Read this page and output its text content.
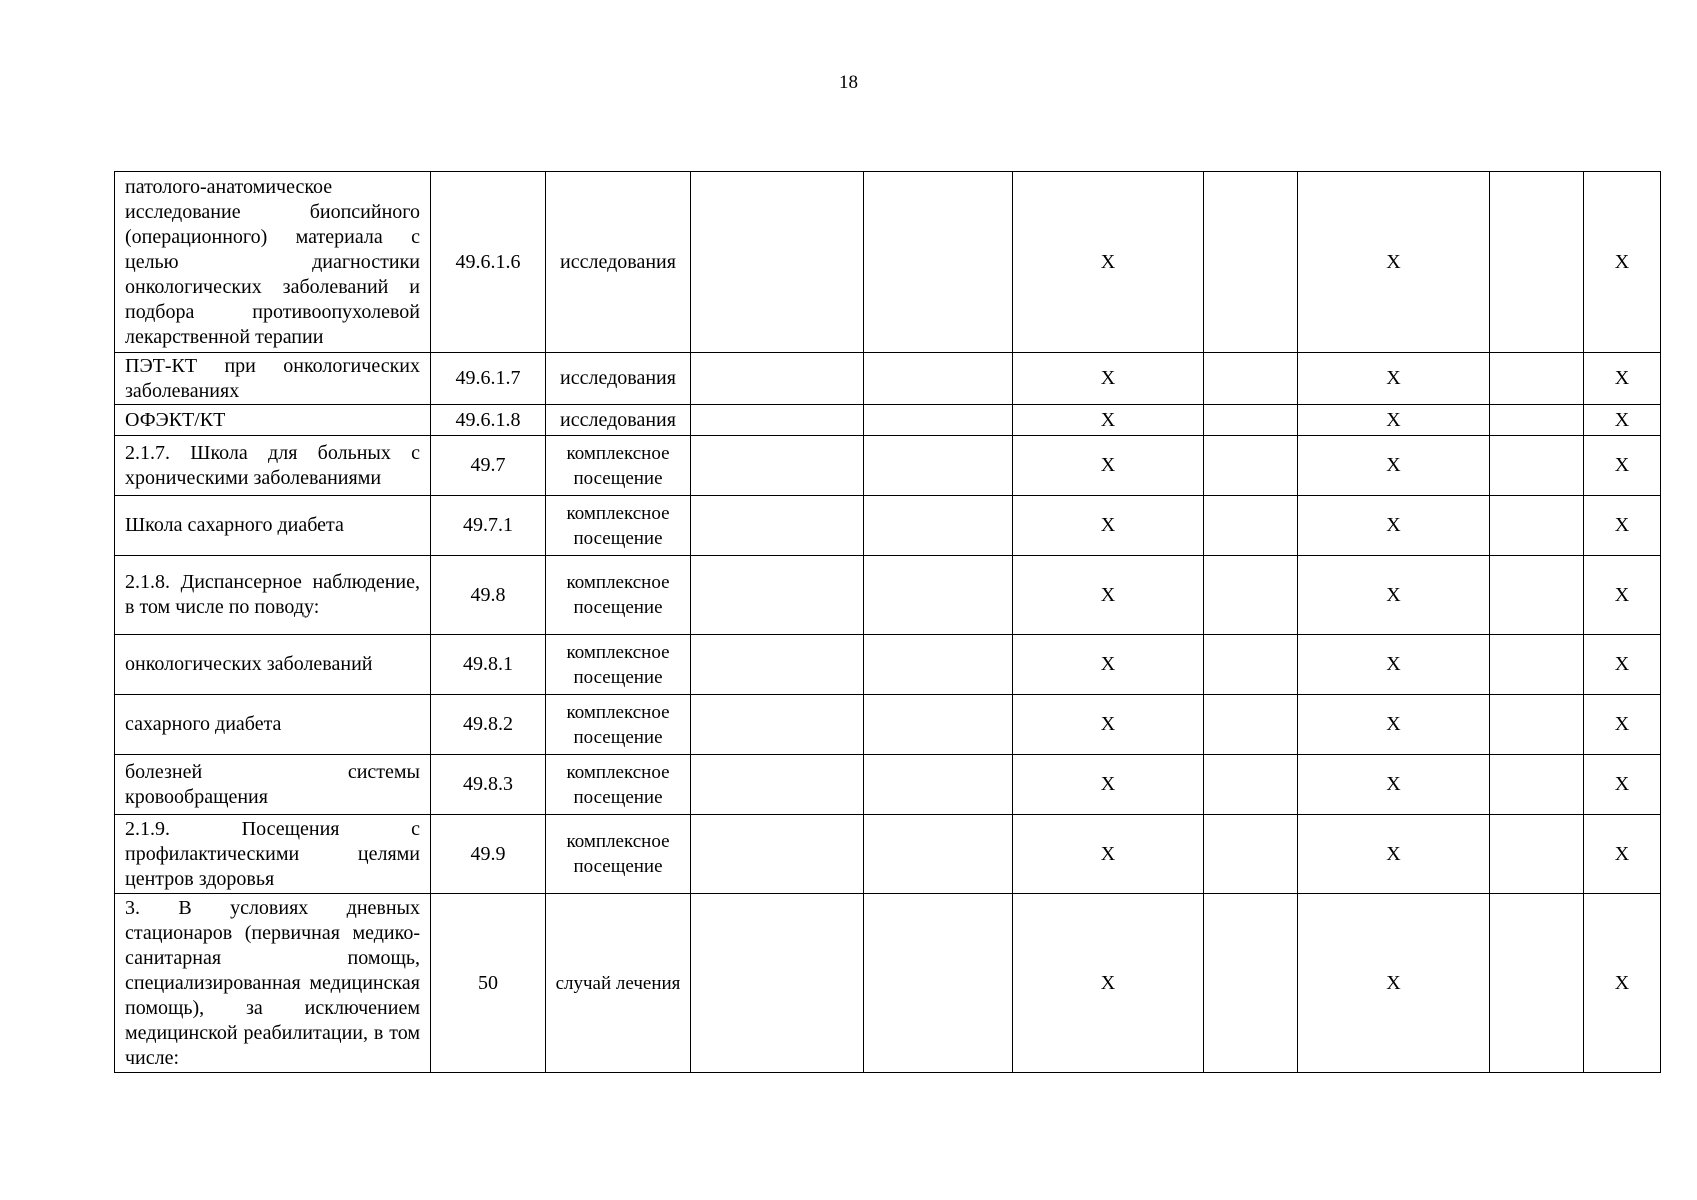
18
патолого-анатомическое исследование биопсийного (операционного) материала с целью диагностики онкологических заболеваний и подбора противоопухолевой лекарственной терапии	49.6.1.6	исследования			X		X		X
ПЭТ-КТ при онкологических заболеваниях	49.6.1.7	исследования			X		X		X
ОФЭКТ/КТ	49.6.1.8	исследования			X		X		X
2.1.7. Школа для больных с хроническими заболеваниями	49.7	комплексное посещение			X		X		X
Школа сахарного диабета	49.7.1	комплексное посещение			X		X		X
2.1.8. Диспансерное наблюдение, в том числе по поводу:	49.8	комплексное посещение			X		X		X
онкологических заболеваний	49.8.1	комплексное посещение			X		X		X
сахарного диабета	49.8.2	комплексное посещение			X		X		X
болезней системы кровообращения	49.8.3	комплексное посещение			X		X		X
2.1.9. Посещения с профилактическими целями центров здоровья	49.9	комплексное посещение			X		X		X
3. В условиях дневных стационаров (первичная медико-санитарная помощь, специализированная медицинская помощь), за исключением медицинской реабилитации, в том числе:	50	случай лечения			X		X		X
